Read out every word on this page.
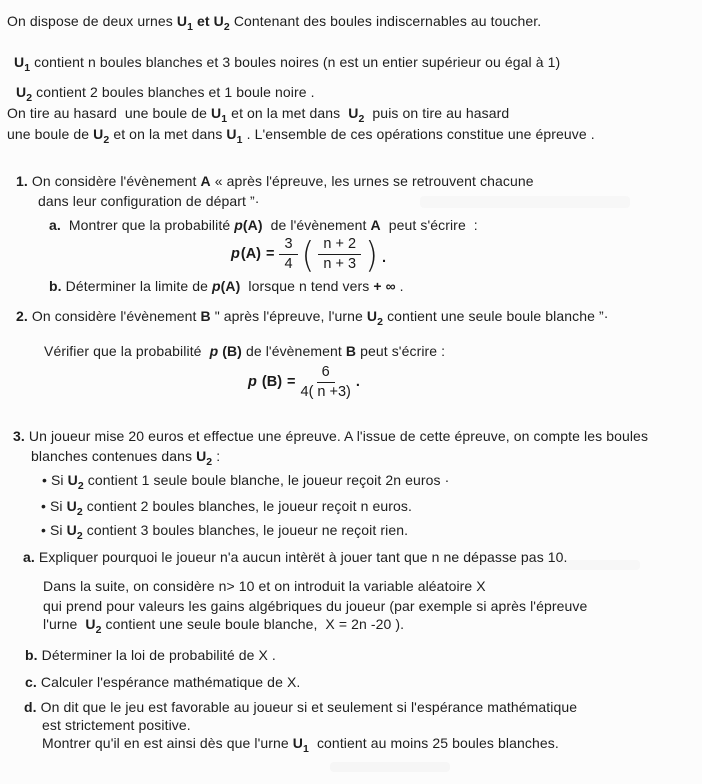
On dispose de deux urnes $U_1$ et $U_2$ Contenant des boules indiscernables au toucher.
$U_1$ contient n boules blanches et 3 boules noires (n est un entier supérieur ou égal à 1)
$U_2$ contient 2 boules blanches et 1 boule noire .
On tire au hasard  une boule de $U_1$ et on la met dans  $U_2$  puis on tire au hasard
une boule de $U_2$ et on la met dans $U_1$ . L'ensemble de ces opérations constitue une épreuve .
1. On considère l'évènement A « après l'épreuve, les urnes se retrouvent chacune
dans leur configuration de départ ”·
a.  Montrer que la probabilité p(A)  de l'évènement A  peut s'écrire  :
b. Déterminer la limite de p(A)  lorsque n tend vers + ∞ .
2. On considère l'évènement B " après l'épreuve, l'urne $U_2$ contient une seule boule blanche ”·
Vérifier que la probabilité  p (B) de l'évènement B peut s'écrire :
3. Un joueur mise 20 euros et effectue une épreuve. A l'issue de cette épreuve, on compte les boules
blanches contenues dans $U_2$ :
• Si $U_2$ contient 1 seule boule blanche, le joueur reçoit 2n euros ·
• Si $U_2$ contient 2 boules blanches, le joueur reçoit n euros.
• Si $U_2$ contient 3 boules blanches, le joueur ne reçoit rien.
a. Expliquer pourquoi le joueur n'a aucun intèrët à jouer tant que n ne dépasse pas 10.
Dans la suite, on considère n> 10 et on introduit la variable aléatoire X
qui prend pour valeurs les gains algébriques du joueur (par exemple si après l'épreuve
l'urne  $U_2$ contient une seule boule blanche,  X = 2n -20 ).
b. Déterminer la loi de probabilité de X .
c. Calculer l'espérance mathématique de X.
d. On dit que le jeu est favorable au joueur si et seulement si l'espérance mathématique
est strictement positive.
Montrer qu'il en est ainsi dès que l'urne $U_1$  contient au moins 25 boules blanches.
$p(A) = \frac{3}{4}$ ( $\frac{n + 2}{n + 3}$ ) .
p $(B) = \frac{6}{4( n +3)}$ .
